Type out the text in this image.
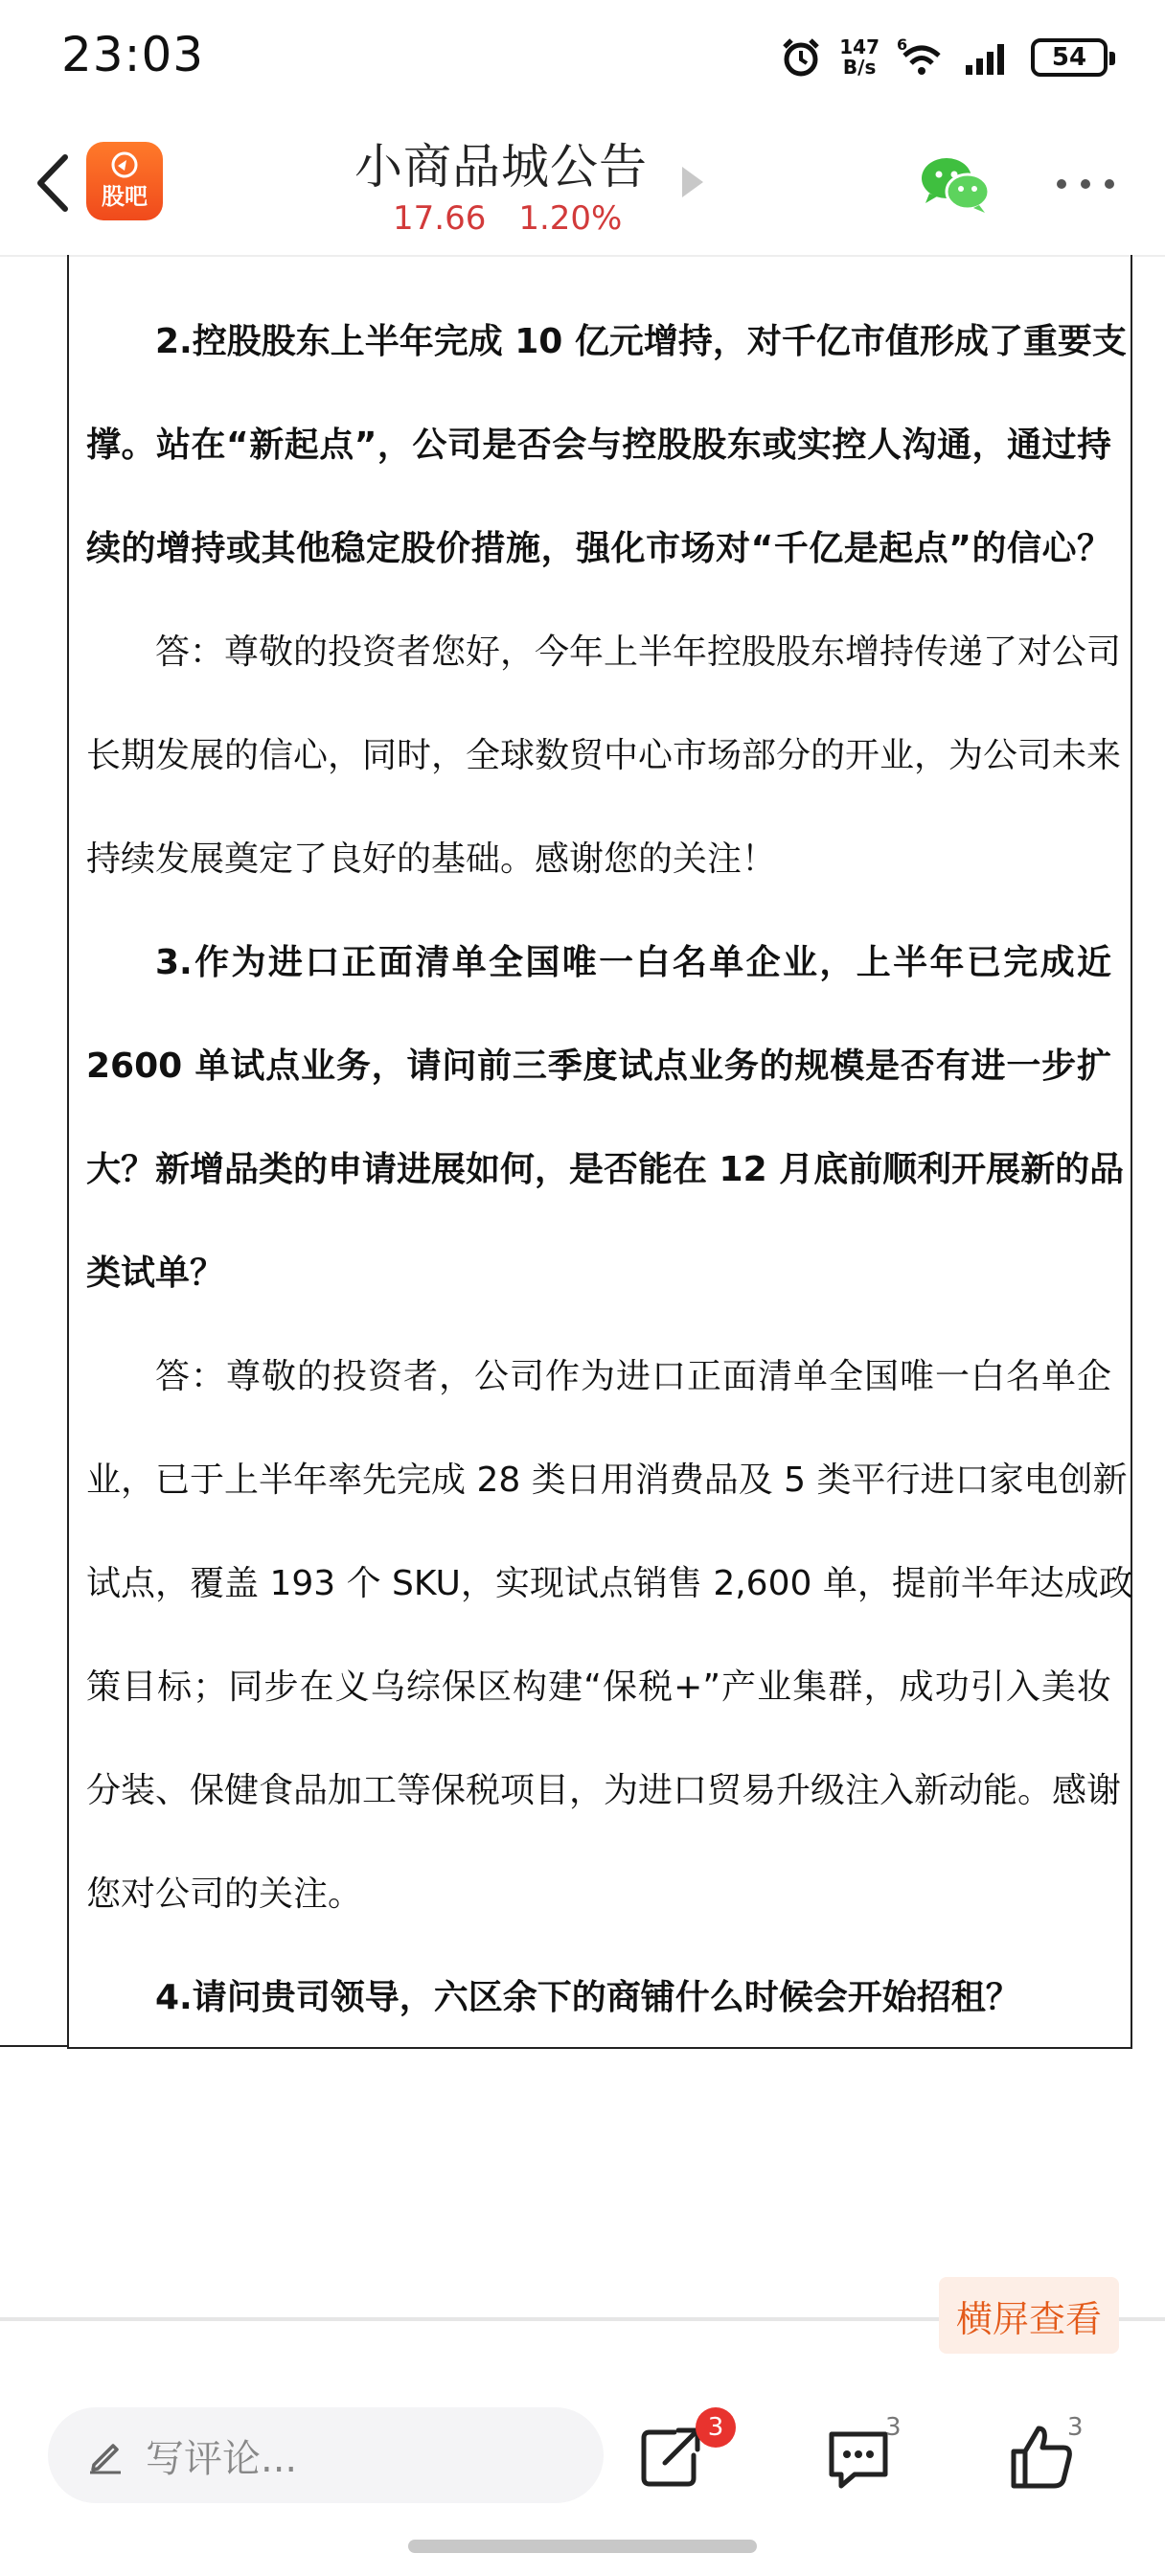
23:03	147
B/s
6	54
股吧
小商品城公告
17.66 1.20%
2.控股股东上半年完成 10 亿元增持，对千亿市值形成了重要支
撑。站在“新起点”，公司是否会与控股股东或实控人沟通，通过持
续的增持或其他稳定股价措施，强化市场对“千亿是起点”的信心？
答：尊敬的投资者您好，今年上半年控股股东增持传递了对公司
长期发展的信心，同时，全球数贸中心市场部分的开业，为公司未来
持续发展奠定了良好的基础。感谢您的关注！
3.作为进口正面清单全国唯一白名单企业，上半年已完成近
2600 单试点业务，请问前三季度试点业务的规模是否有进一步扩
大？新增品类的申请进展如何，是否能在 12 月底前顺利开展新的品
类试单？
答：尊敬的投资者，公司作为进口正面清单全国唯一白名单企
业，已于上半年率先完成 28 类日用消费品及 5 类平行进口家电创新
试点，覆盖 193 个 SKU，实现试点销售 2,600 单，提前半年达成政
策目标；同步在义乌综保区构建“保税+”产业集群，成功引入美妆
分装、保健食品加工等保税项目，为进口贸易升级注入新动能。感谢
您对公司的关注。
4.请问贵司领导，六区余下的商铺什么时候会开始招租？
横屏查看
写评论...
3	3	3
